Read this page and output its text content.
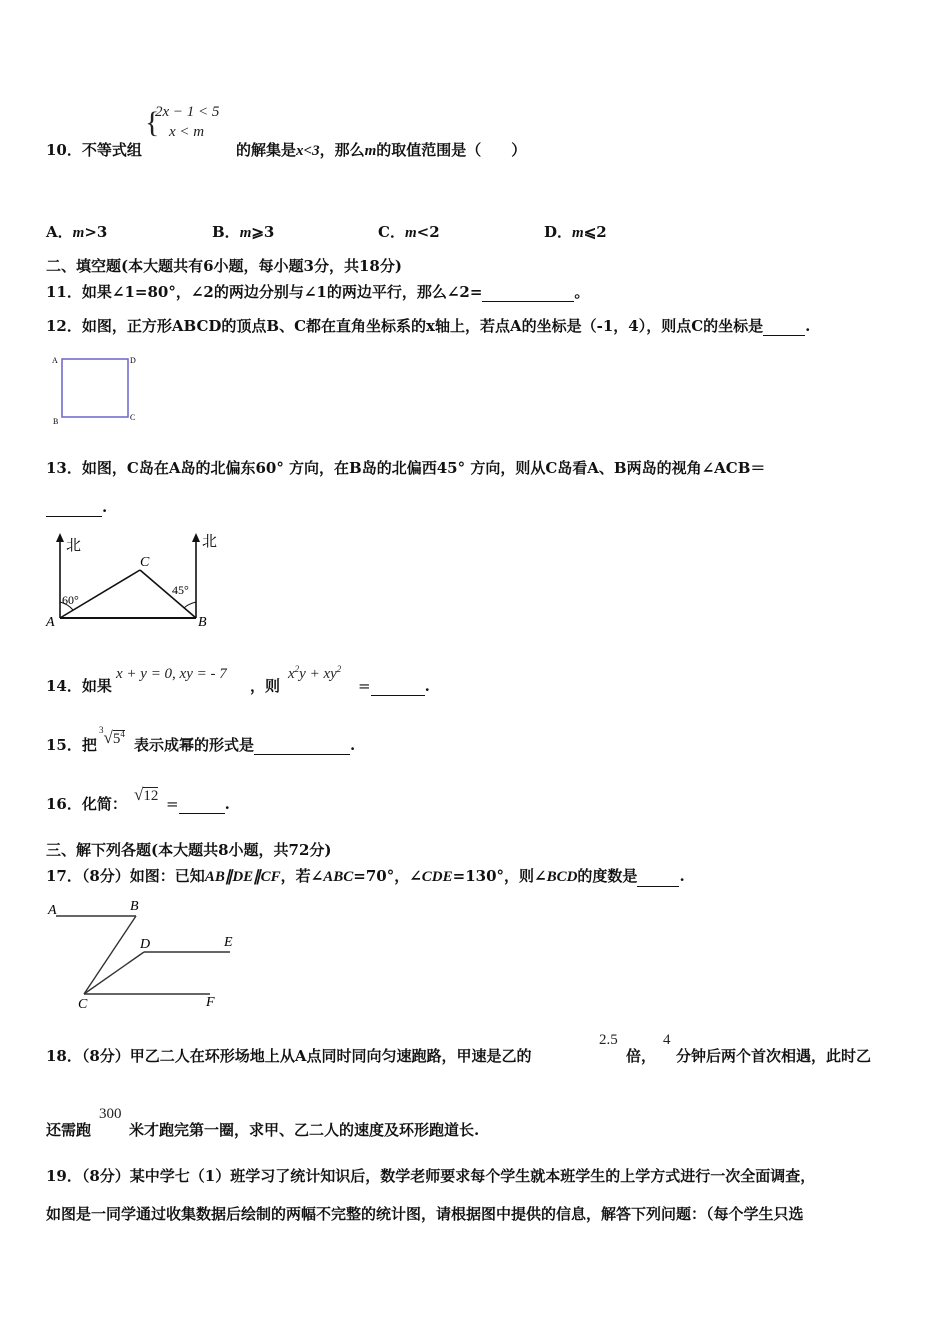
{
2x − 1 < 5
x < m
10．不等式组	的解集是x<3，那么m的取值范围是（　　）
A．m>3	B．m⩾3	C．m<2	D．m⩽2
二、填空题(本大题共有6小题，每小题3分，共18分)
11．如果∠1=80°，∠2的两边分别与∠1的两边平行，那么∠2=	。
12．如图，正方形ABCD的顶点B、C都在直角坐标系的x轴上，若点A的坐标是（-1，4），则点C的坐标是	.
A	D
B	C
13．如图，C岛在A岛的北偏东60° 方向，在B岛的北偏西45° 方向，则从C岛看A、B两岛的视角∠ACB＝
.
北	北
A	B
C
60°
45°
14．如果
x + y = 0, xy = - 7
，则
$x^2y + xy^2$
=	.
15．把
$^3√5^4$
表示成幂的形式是	.
16．化简： √12 =	.
三、解下列各题(本大题共8小题，共72分)
17．（8分）如图：已知AB∥DE∥CF，若∠ABC=70°，∠CDE=130°，则∠BCD的度数是	.
A	B
D	E
C	F
18．（8分）甲乙二人在环形场地上从A点同时同向匀速跑路，甲速是乙的
2.5
倍，
4
分钟后两个首次相遇，此时乙
还需跑
300
米才跑完第一圈，求甲、乙二人的速度及环形跑道长.
19．（8分）某中学七（1）班学习了统计知识后，数学老师要求每个学生就本班学生的上学方式进行一次全面调查，
如图是一同学通过收集数据后绘制的两幅不完整的统计图，请根据图中提供的信息，解答下列问题：（每个学生只选
